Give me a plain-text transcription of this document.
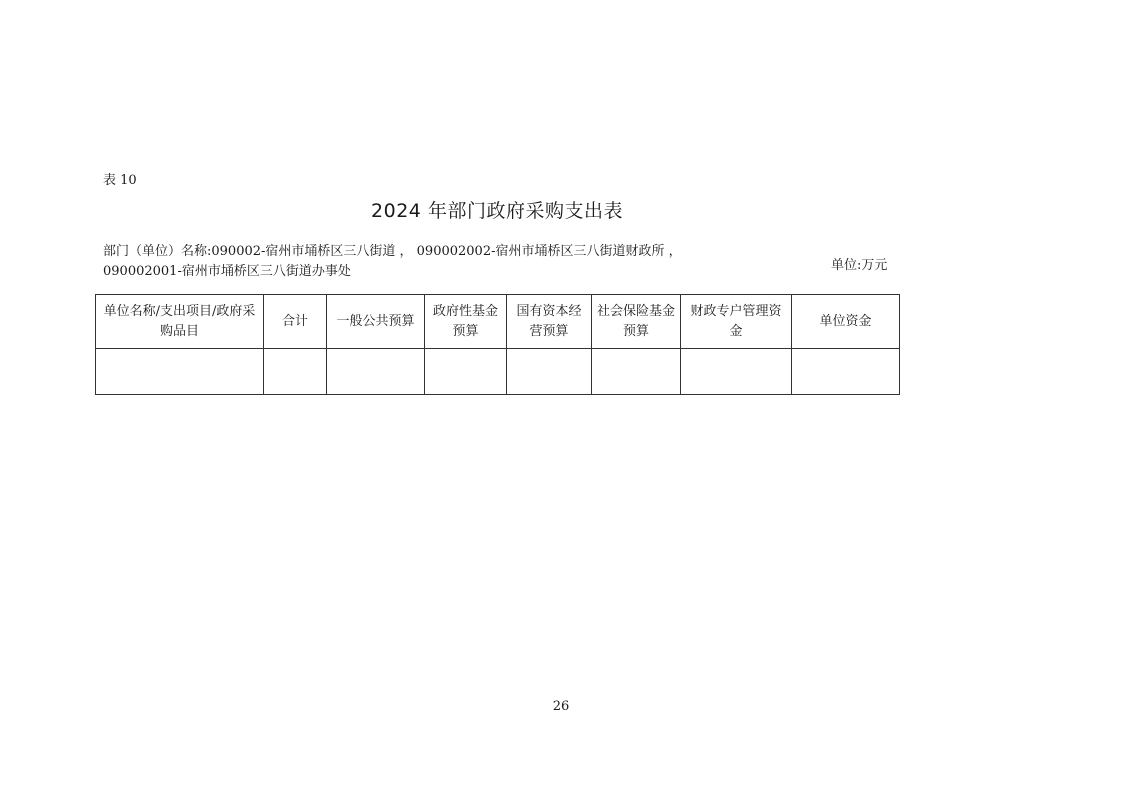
表 10
2024 年部门政府采购支出表
部门（单位）名称:090002-宿州市埇桥区三八街道 ， 090002002-宿州市埇桥区三八街道财政所 ，
090002001-宿州市埇桥区三八街道办事处	单位:万元
单位名称/支出项目/政府采购品目	合计	一般公共预算	政府性基金预算	国有资本经营预算	社会保险基金预算	财政专户管理资金	单位资金

26
